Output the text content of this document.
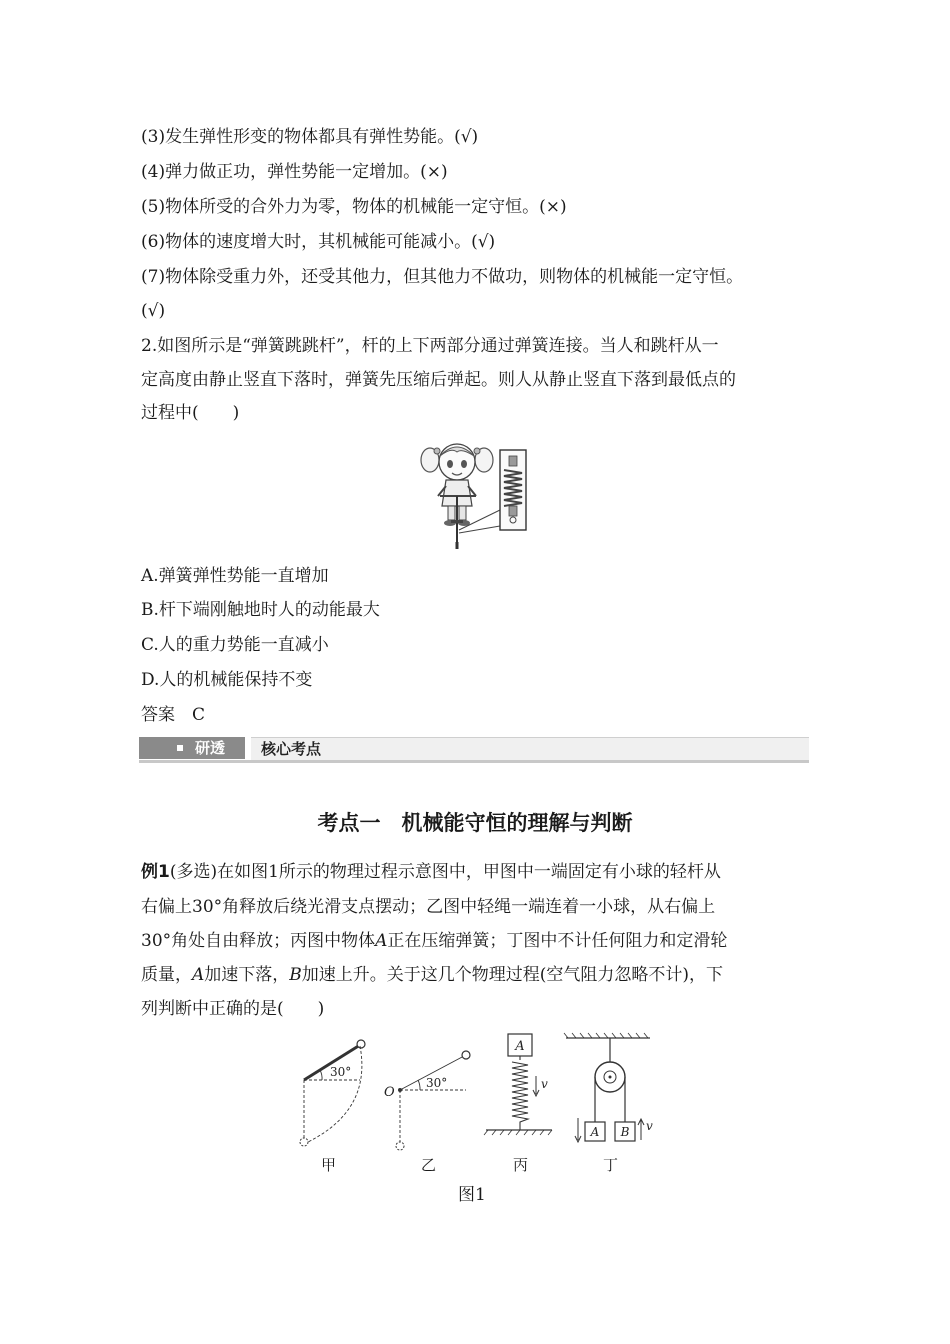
(3)发生弹性形变的物体都具有弹性势能。(√)
(4)弹力做正功，弹性势能一定增加。(×)
(5)物体所受的合外力为零，物体的机械能一定守恒。(×)
(6)物体的速度增大时，其机械能可能减小。(√)
(7)物体除受重力外，还受其他力，但其他力不做功，则物体的机械能一定守恒。
(√)
2.如图所示是“弹簧跳跳杆”，杆的上下两部分通过弹簧连接。当人和跳杆从一
定高度由静止竖直下落时，弹簧先压缩后弹起。则人从静止竖直下落到最低点的
过程中(　　)
A.弹簧弹性势能一直增加
B.杆下端刚触地时人的动能最大
C.人的重力势能一直减小
D.人的机械能保持不变
答案　C
研透 核心考点
考点一　机械能守恒的理解与判断
例1(多选)在如图1所示的物理过程示意图中，甲图中一端固定有小球的轻杆从
右偏上30°角释放后绕光滑支点摆动；乙图中轻绳一端连着一小球，从右偏上
30°角处自由释放；丙图中物体A正在压缩弹簧；丁图中不计任何阻力和定滑轮
质量，A加速下落，B加速上升。关于这几个物理过程(空气阻力忽略不计)，下
列判断中正确的是(　　)
30°
O
30°
A
v
A B v
甲	乙	丙	丁
图1
